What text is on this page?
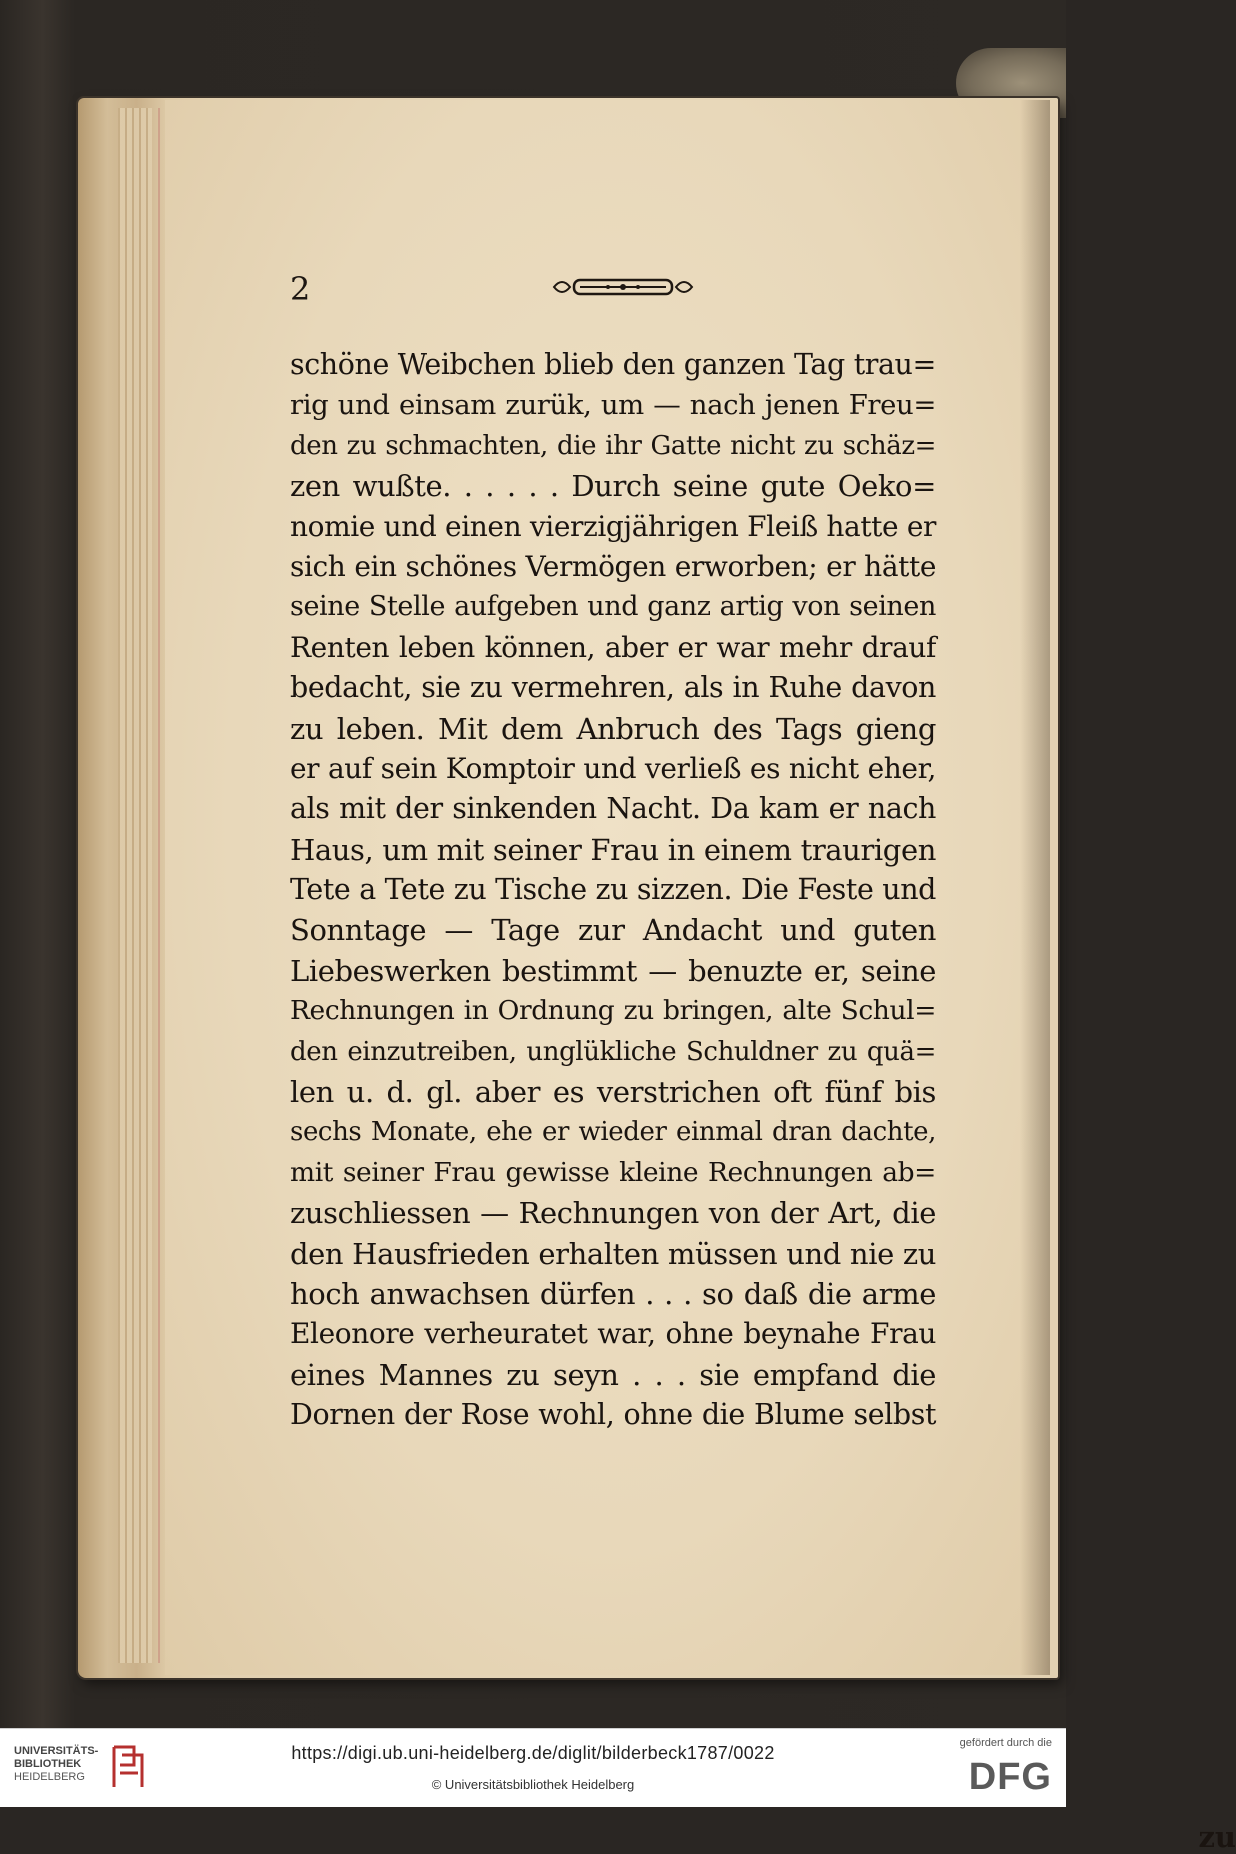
2
schöne Weibchen blieb den ganzen Tag trau=
rig und einsam zurük, um — nach jenen Freu=
den zu schmachten, die ihr Gatte nicht zu schäz=
zen wußte. . . . . . Durch seine gute Oeko=
nomie und einen vierzigjährigen Fleiß hatte er
sich ein schönes Vermögen erworben; er hätte
seine Stelle aufgeben und ganz artig von seinen
Renten leben können, aber er war mehr drauf
bedacht, sie zu vermehren, als in Ruhe davon
zu leben. Mit dem Anbruch des Tags gieng
er auf sein Komptoir und verließ es nicht eher,
als mit der sinkenden Nacht. Da kam er nach
Haus, um mit seiner Frau in einem traurigen
Tete a Tete zu Tische zu sizzen. Die Feste und
Sonntage — Tage zur Andacht und guten
Liebeswerken bestimmt — benuzte er, seine
Rechnungen in Ordnung zu bringen, alte Schul=
den einzutreiben, unglükliche Schuldner zu quä=
len u. d. gl. aber es verstrichen oft fünf bis
sechs Monate, ehe er wieder einmal dran dachte,
mit seiner Frau gewisse kleine Rechnungen ab=
zuschliessen — Rechnungen von der Art, die
den Hausfrieden erhalten müssen und nie zu
hoch anwachsen dürfen . . . so daß die arme
Eleonore verheuratet war, ohne beynahe Frau
eines Mannes zu seyn . . . sie empfand die
Dornen der Rose wohl, ohne die Blume selbst
zu
UNIVERSITÄTS-
BIBLIOTHEK
HEIDELBERG
https://digi.ub.uni-heidelberg.de/diglit/bilderbeck1787/0022
© Universitätsbibliothek Heidelberg
gefördert durch die
DFG
